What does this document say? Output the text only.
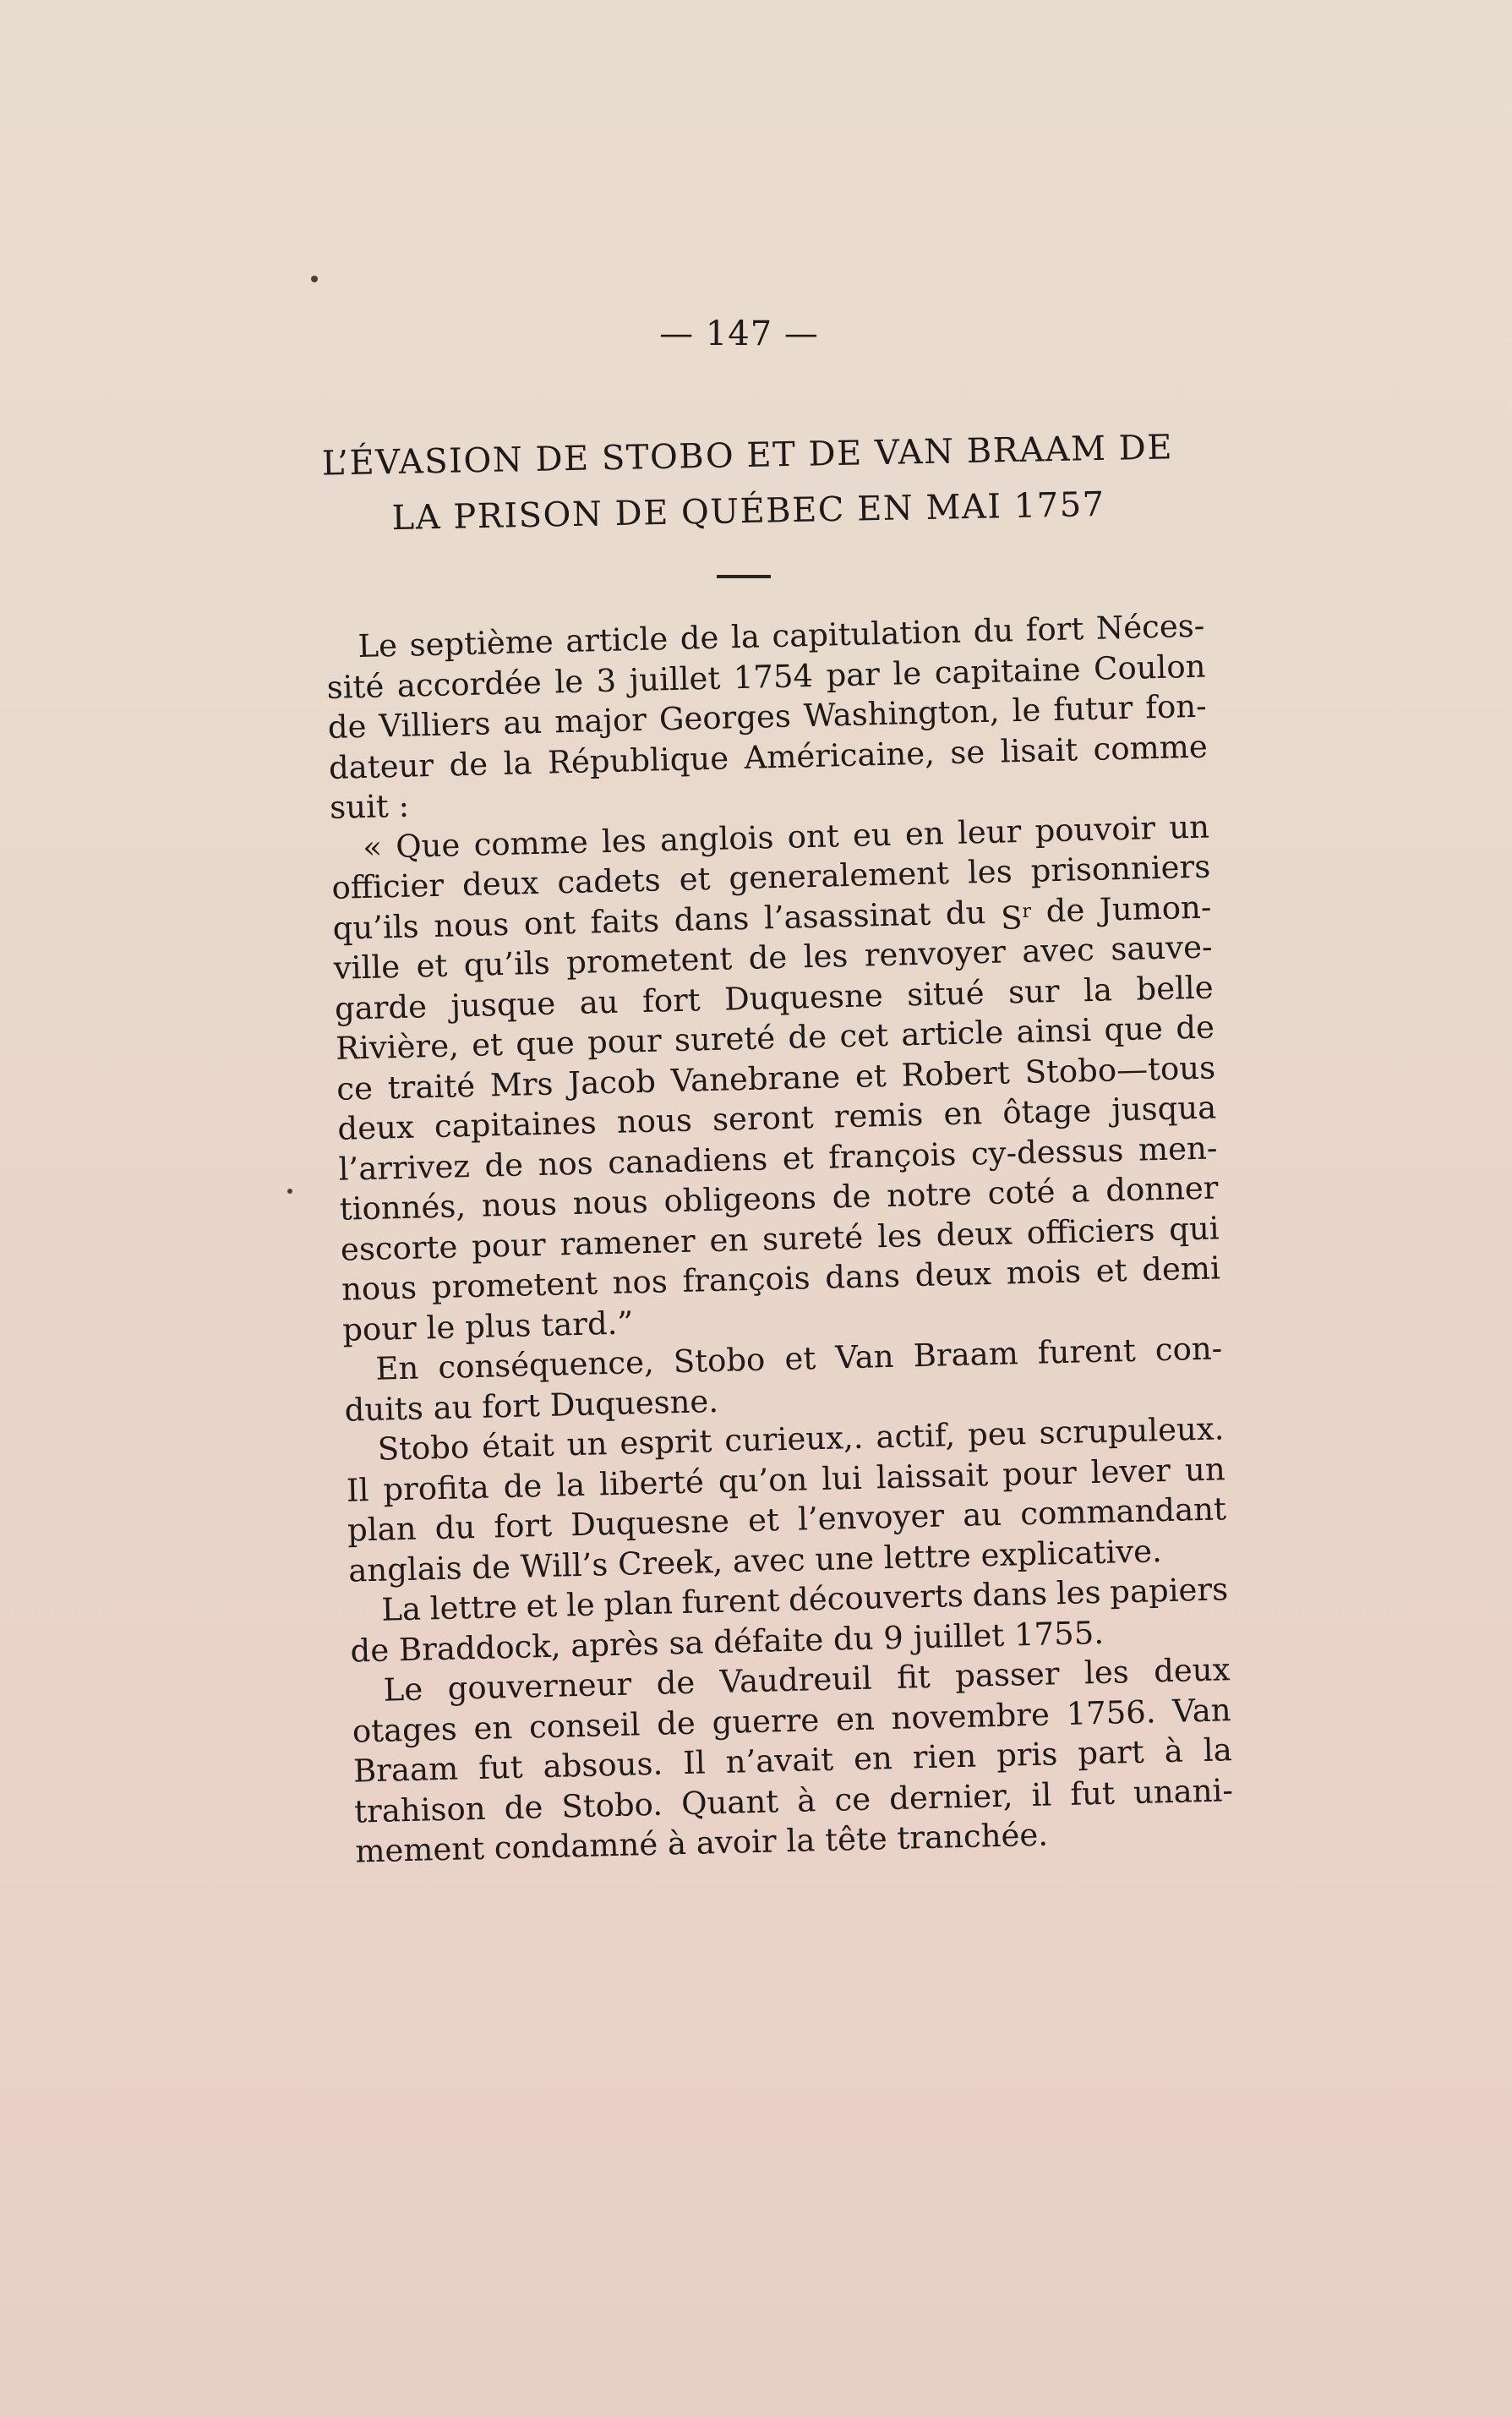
— 147 —
L’ÉVASION DE STOBO ET DE VAN BRAAM DE
LA PRISON DE QUÉBEC EN MAI 1757
Le septième article de la capitulation du fort Néces-
sité accordée le 3 juillet 1754 par le capitaine Coulon
de Villiers au major Georges Washington, le futur fon-
dateur de la République Américaine, se lisait comme
suit :
« Que comme les anglois ont eu en leur pouvoir un
officier deux cadets et generalement les prisonniers
qu’ils nous ont faits dans l’asassinat du $S^r$ de Jumon-
ville et qu’ils prometent de les renvoyer avec sauve-
garde jusque au fort Duquesne situé sur la belle
Rivière, et que pour sureté de cet article ainsi que de
ce traité Mrs Jacob Vanebrane et Robert Stobo—tous
deux capitaines nous seront remis en ôtage jusqua
l’arrivez de nos canadiens et françois cy-dessus men-
tionnés, nous nous obligeons de notre coté a donner
escorte pour ramener en sureté les deux officiers qui
nous prometent nos françois dans deux mois et demi
pour le plus tard.”
En conséquence, Stobo et Van Braam furent con-
duits au fort Duquesne.
Stobo était un esprit curieux,. actif, peu scrupuleux.
Il profita de la liberté qu’on lui laissait pour lever un
plan du fort Duquesne et l’envoyer au commandant
anglais de Will’s Creek, avec une lettre explicative.
La lettre et le plan furent découverts dans les papiers
de Braddock, après sa défaite du 9 juillet 1755.
Le gouverneur de Vaudreuil fit passer les deux
otages en conseil de guerre en novembre 1756. Van
Braam fut absous. Il n’avait en rien pris part à la
trahison de Stobo. Quant à ce dernier, il fut unani-
mement condamné à avoir la tête tranchée.
